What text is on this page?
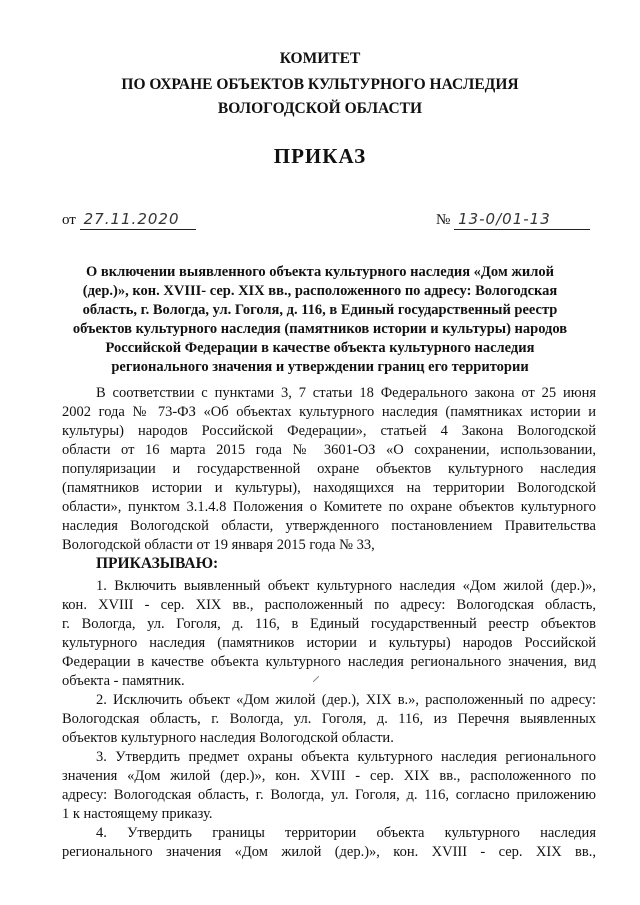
КОМИТЕТ
ПО ОХРАНЕ ОБЪЕКТОВ КУЛЬТУРНОГО НАСЛЕДИЯ
ВОЛОГОДСКОЙ ОБЛАСТИ
ПРИКАЗ
от 27.11.2020	№ 13-0/01-13
О включении выявленного объекта культурного наследия «Дом жилой
(дер.)», кон. XVIII- сер. XIX вв., расположенного по адресу: Вологодская
область, г. Вологда, ул. Гоголя, д. 116, в Единый государственный реестр
объектов культурного наследия (памятников истории и культуры) народов
Российской Федерации в качестве объекта культурного наследия
регионального значения и утверждении границ его территории
В соответствии с пунктами 3, 7 статьи 18 Федерального закона от 25 июня
2002 года № 73-ФЗ «Об объектах культурного наследия (памятниках истории и
культуры) народов Российской Федерации», статьей 4 Закона Вологодской
области от 16 марта 2015 года № 3601-ОЗ «О сохранении, использовании,
популяризации и государственной охране объектов культурного наследия
(памятников истории и культуры), находящихся на территории Вологодской
области», пунктом 3.1.4.8 Положения о Комитете по охране объектов культурного
наследия Вологодской области, утвержденного постановлением Правительства
Вологодской области от 19 января 2015 года № 33,
ПРИКАЗЫВАЮ:
1. Включить выявленный объект культурного наследия «Дом жилой (дер.)»,
кон. XVIII - сер. XIX вв., расположенный по адресу: Вологодская область,
г. Вологда, ул. Гоголя, д. 116, в Единый государственный реестр объектов
культурного наследия (памятников истории и культуры) народов Российской
Федерации в качестве объекта культурного наследия регионального значения, вид
объекта - памятник.
2. Исключить объект «Дом жилой (дер.), XIX в.», расположенный по адресу:
Вологодская область, г. Вологда, ул. Гоголя, д. 116, из Перечня выявленных
объектов культурного наследия Вологодской области.
3. Утвердить предмет охраны объекта культурного наследия регионального
значения «Дом жилой (дер.)», кон. XVIII - сер. XIX вв., расположенного по
адресу: Вологодская область, г. Вологда, ул. Гоголя, д. 116, согласно приложению
1 к настоящему приказу.
4. Утвердить границы территории объекта культурного наследия
регионального значения «Дом жилой (дер.)», кон. XVIII - сер. XIX вв.,
